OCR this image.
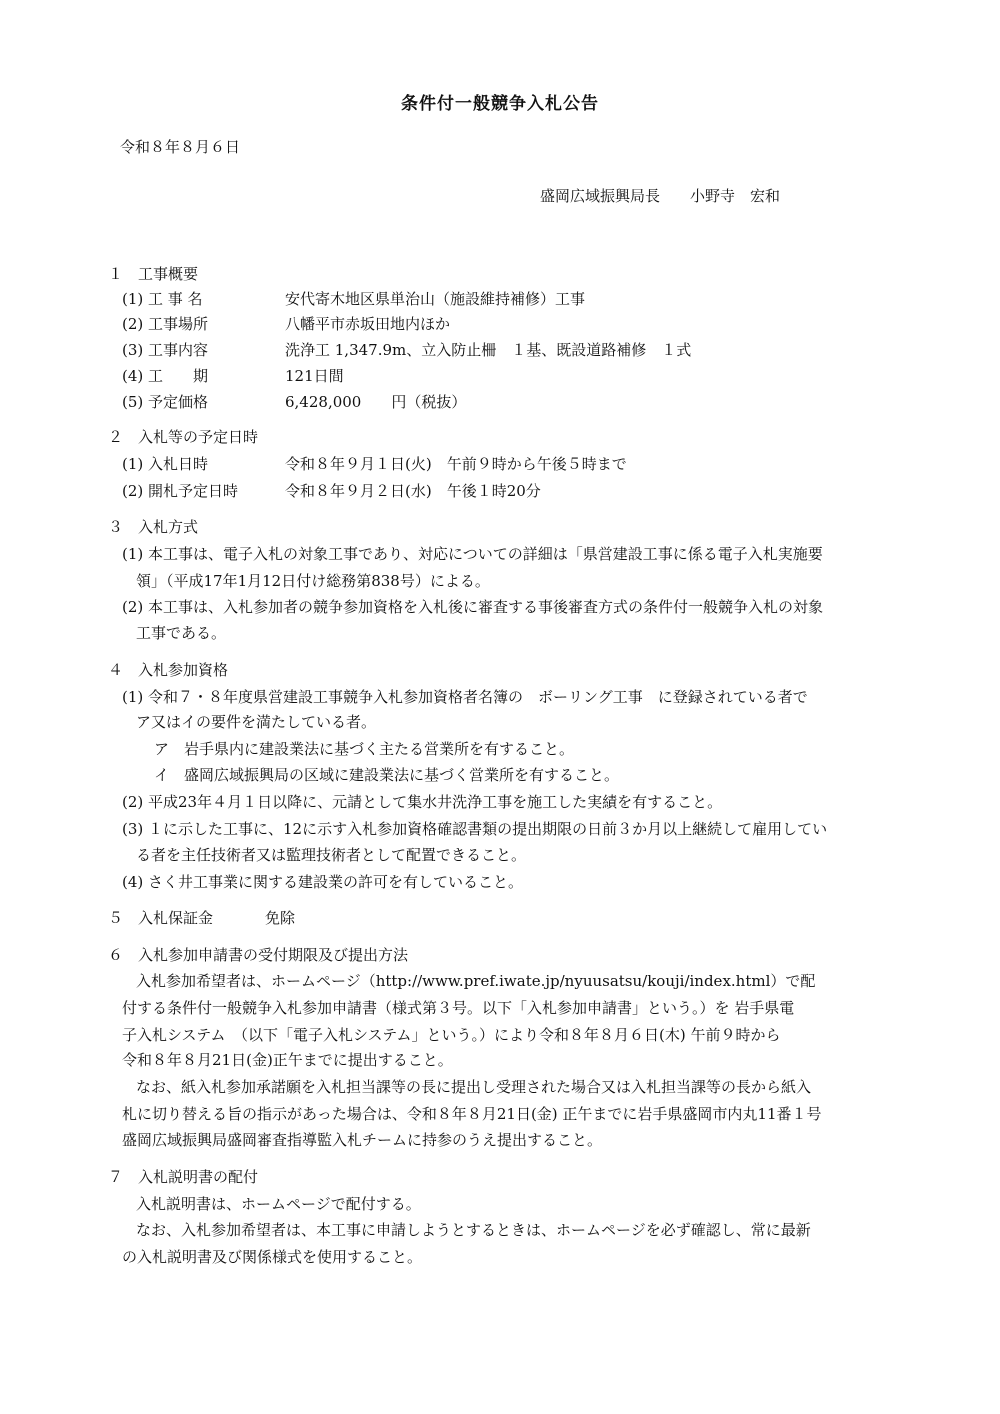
条件付一般競争入札公告
令和８年８月６日
盛岡広域振興局長　　小野寺　宏和
１　工事概要
(1) 工 事 名	安代寄木地区県単治山（施設維持補修）工事
(2) 工事場所	八幡平市赤坂田地内ほか
(3) 工事内容	洗浄工 1,347.9m、立入防止柵　１基、既設道路補修　１式
(4) 工　　期	121日間
(5) 予定価格	6,428,000　　円（税抜）
２　入札等の予定日時
(1) 入札日時	令和８年９月１日(火)　午前９時から午後５時まで
(2) 開札予定日時	令和８年９月２日(水)　午後１時20分
３　入札方式
(1) 本工事は、電子入札の対象工事であり、対応についての詳細は「県営建設工事に係る電子入札実施要
領」（平成17年1月12日付け総務第838号）による。
(2) 本工事は、入札参加者の競争参加資格を入札後に審査する事後審査方式の条件付一般競争入札の対象
工事である。
４　入札参加資格
(1) 令和７・８年度県営建設工事競争入札参加資格者名簿の　ボーリング工事　に登録されている者で
ア又はイの要件を満たしている者。
ア　岩手県内に建設業法に基づく主たる営業所を有すること。
イ　盛岡広域振興局の区域に建設業法に基づく営業所を有すること。
(2) 平成23年４月１日以降に、元請として集水井洗浄工事を施工した実績を有すること。
(3) １に示した工事に、12に示す入札参加資格確認書類の提出期限の日前３か月以上継続して雇用してい
る者を主任技術者又は監理技術者として配置できること。
(4) さく井工事業に関する建設業の許可を有していること。
５　入札保証金	免除
６　入札参加申請書の受付期限及び提出方法
入札参加希望者は、ホームページ（http://www.pref.iwate.jp/nyuusatsu/kouji/index.html）で配
付する条件付一般競争入札参加申請書（様式第３号。以下「入札参加申請書」という。）を 岩手県電
子入札システム　（以下「電子入札システム」という。）により令和８年８月６日(木) 午前９時から
令和８年８月21日(金)正午までに提出すること。
なお、紙入札参加承諾願を入札担当課等の長に提出し受理された場合又は入札担当課等の長から紙入
札に切り替える旨の指示があった場合は、令和８年８月21日(金) 正午までに岩手県盛岡市内丸11番１号
盛岡広域振興局盛岡審査指導監入札チームに持参のうえ提出すること。
７　入札説明書の配付
入札説明書は、ホームページで配付する。
なお、入札参加希望者は、本工事に申請しようとするときは、ホームページを必ず確認し、常に最新
の入札説明書及び関係様式を使用すること。
